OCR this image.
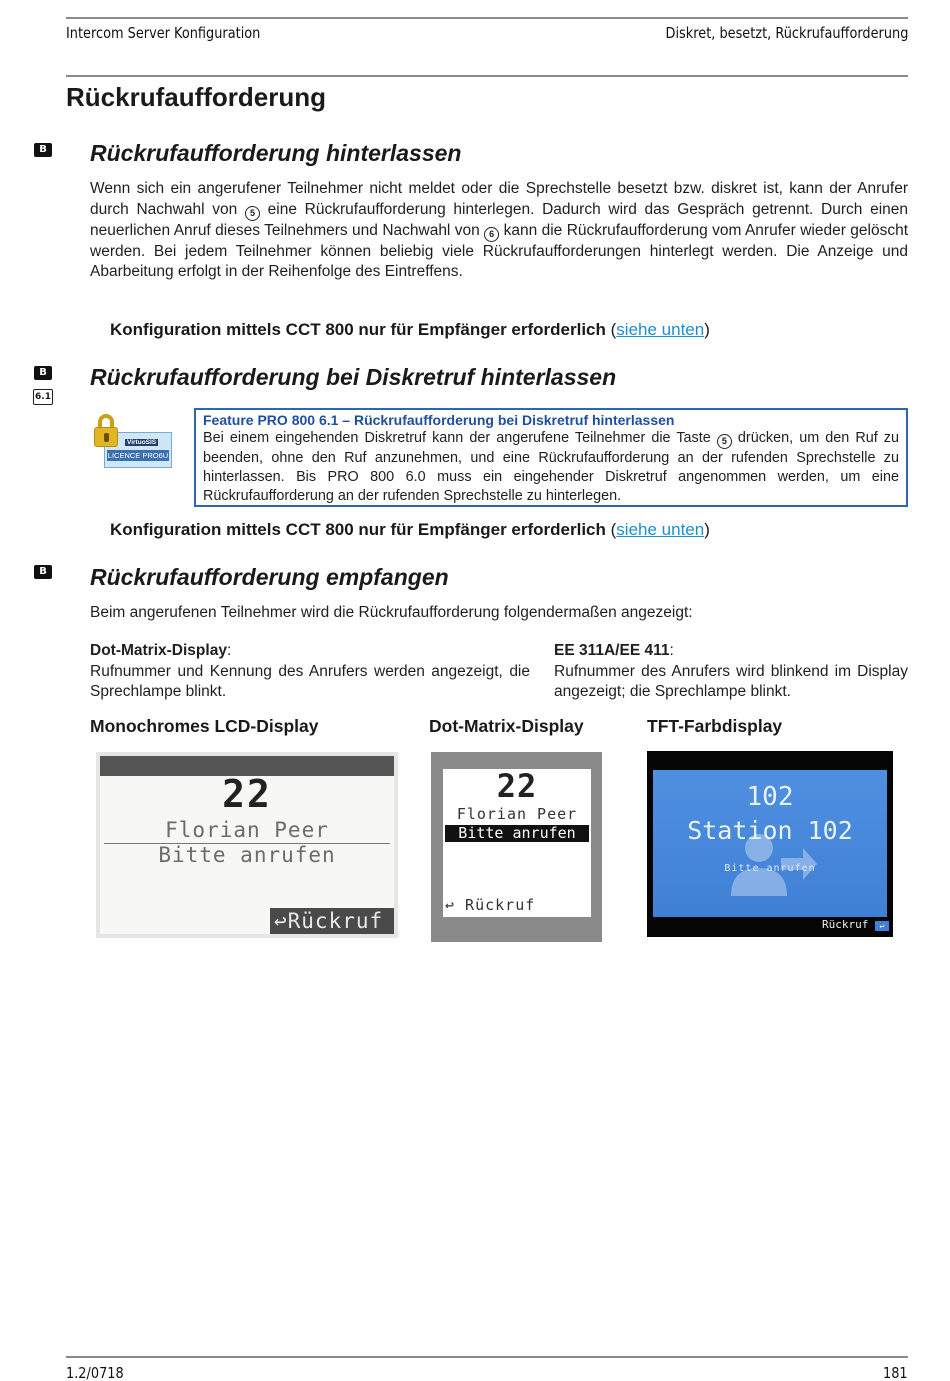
Intercom Server Konfiguration	Diskret, besetzt, Rückrufaufforderung
Rückrufaufforderung
B Rückrufaufforderung hinterlassen

Wenn sich ein angerufener Teilnehmer nicht meldet oder die Sprechstelle besetzt bzw. diskret ist, kann der Anrufer durch Nachwahl von 5 eine Rückrufaufforderung hinterlegen. Dadurch wird das Gespräch getrennt. Durch einen neuerlichen Anruf dieses Teilnehmers und Nachwahl von 6 kann die Rückrufaufforderung vom Anrufer wieder gelöscht werden. Bei jedem Teilnehmer können beliebig viele Rückrufaufforderungen hinterlegt werden. Die Anzeige und Abarbeitung erfolgt in der Reihenfolge des Eintreffens.

Konfiguration mittels CCT 800 nur für Empfänger erforderlich (siehe unten)
B
6.1
Rückrufaufforderung bei Diskretruf hinterlassen
VirtuoSIS
LICENCE PRO6U
Feature PRO 800 6.1 – Rückrufaufforderung bei Diskretruf hinterlassen
Bei einem eingehenden Diskretruf kann der angerufene Teilnehmer die Taste 5 drücken, um den Ruf zu beenden, ohne den Ruf anzunehmen, und eine Rückrufaufforderung an der rufenden Sprechstelle zu hinterlassen. Bis PRO 800 6.0 muss ein eingehender Diskretruf angenommen werden, um eine Rückrufaufforderung an der rufenden Sprechstelle zu hinterlegen.
Konfiguration mittels CCT 800 nur für Empfänger erforderlich (siehe unten)
B Rückrufaufforderung empfangen

Beim angerufenen Teilnehmer wird die Rückrufaufforderung folgendermaßen angezeigt:

Dot-Matrix-Display:
Rufnummer und Kennung des Anrufers werden angezeigt, die Sprechlampe blinkt.
EE 311A/EE 411:
Rufnummer des Anrufers wird blinkend im Display angezeigt; die Sprechlampe blinkt.
Monochromes LCD-Display	Dot-Matrix-Display	TFT-Farbdisplay
22
Florian Peer
Bitte anrufen
↩Rückruf
22
Florian Peer
Bitte anrufen
↩ Rückruf
102
Station 102
Bitte anrufen
Rückruf ↵
1.2/0718	181
